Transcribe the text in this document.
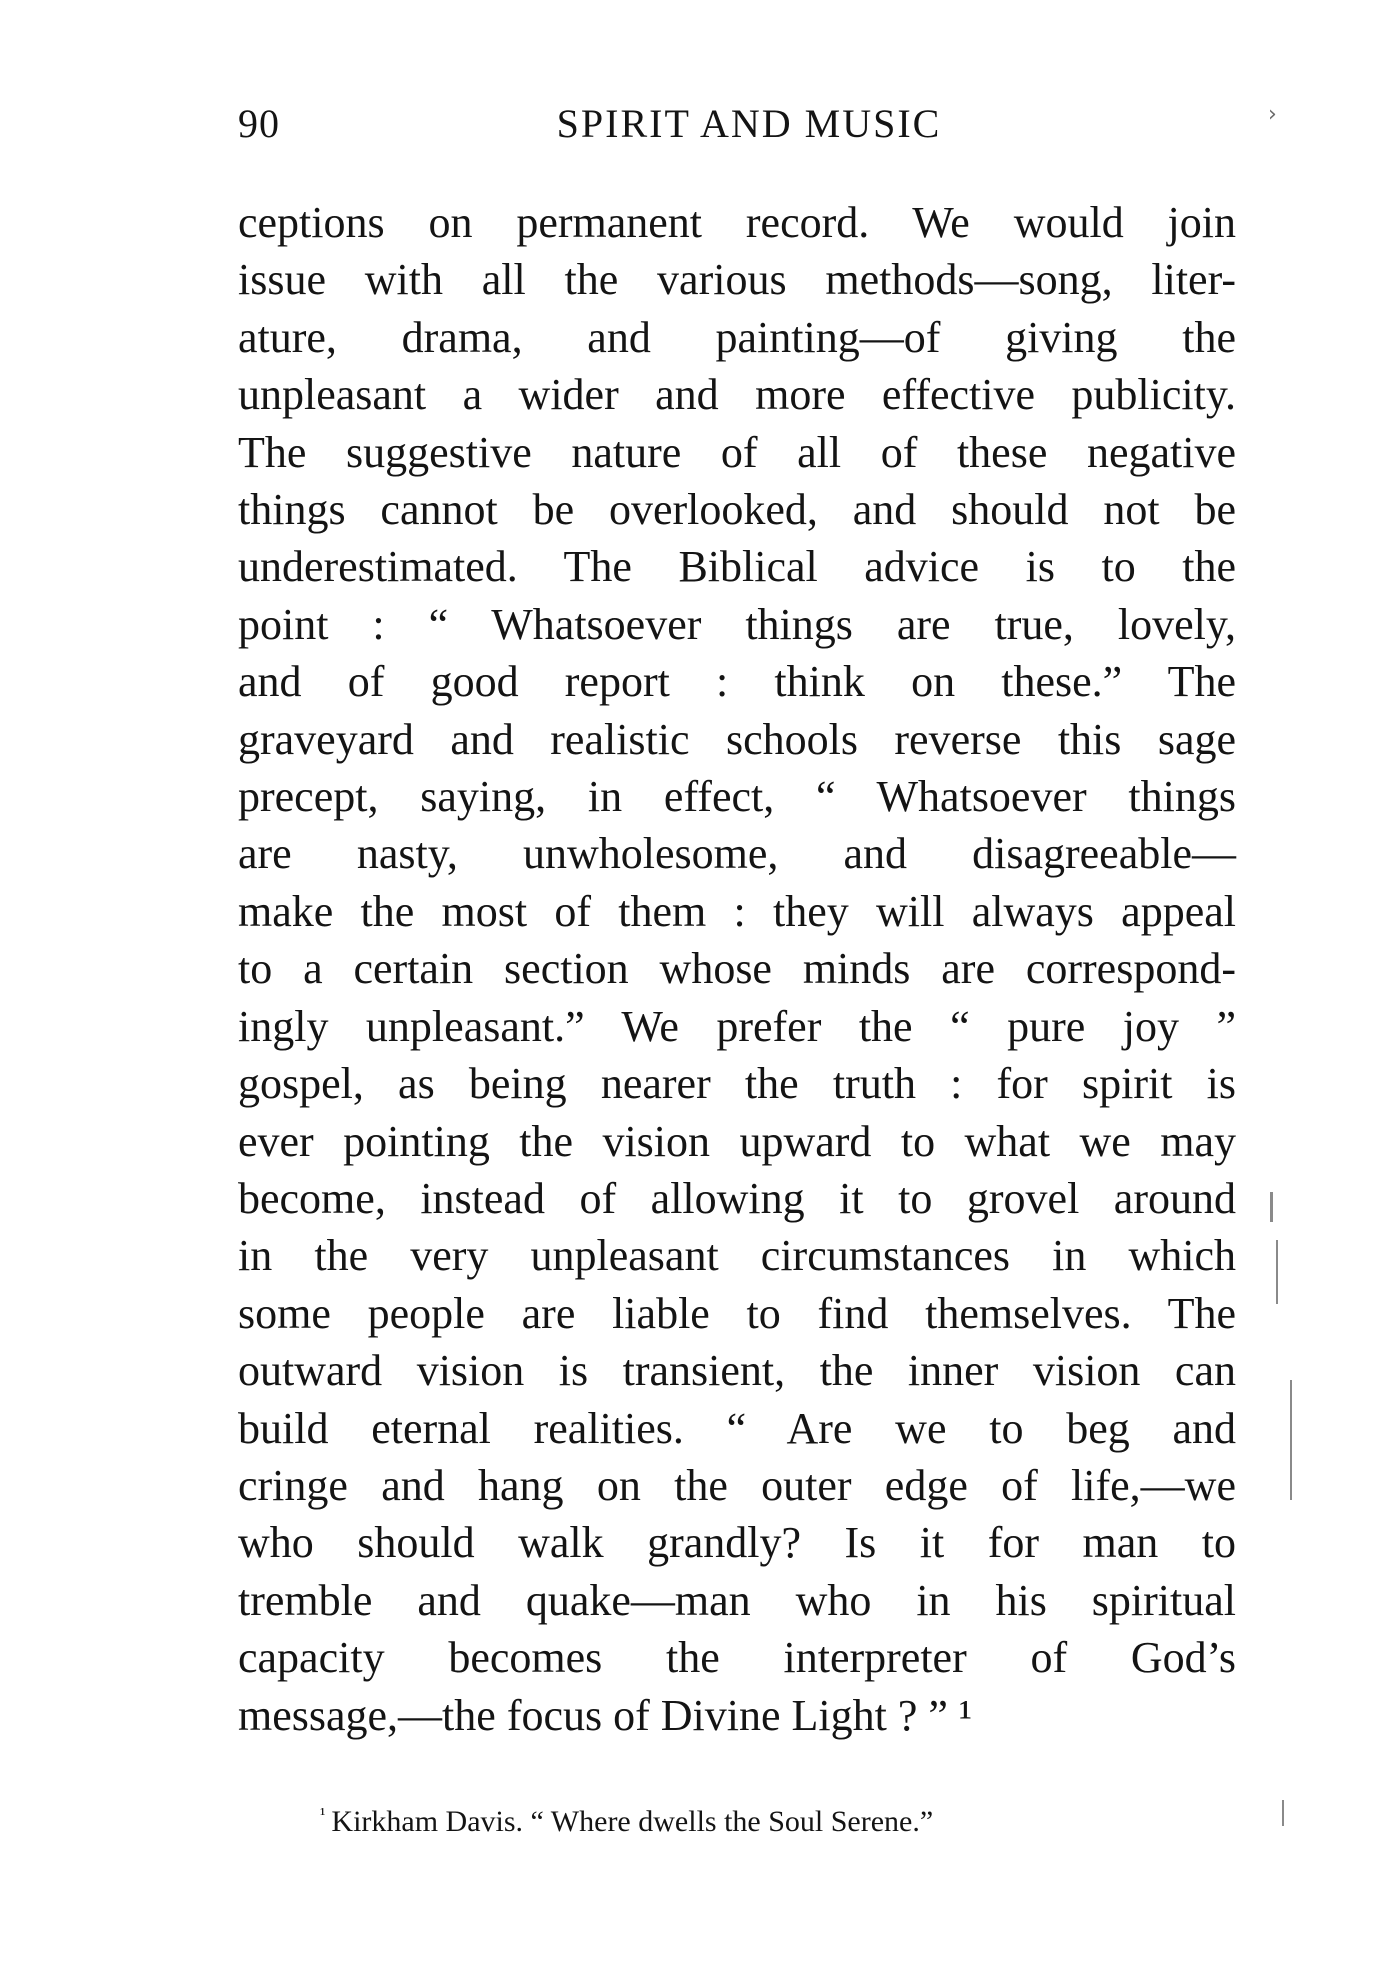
90	SPIRIT AND MUSIC
ceptions on permanent record. We would join
issue with all the various methods—song, liter-
ature, drama, and painting—of giving the
unpleasant a wider and more effective publicity.
The suggestive nature of all of these negative
things cannot be overlooked, and should not be
underestimated. The Biblical advice is to the
point : “ Whatsoever things are true, lovely,
and of good report : think on these.” The
graveyard and realistic schools reverse this sage
precept, saying, in effect, “ Whatsoever things
are nasty, unwholesome, and disagreeable—
make the most of them : they will always appeal
to a certain section whose minds are correspond-
ingly unpleasant.” We prefer the “ pure joy ”
gospel, as being nearer the truth : for spirit is
ever pointing the vision upward to what we may
become, instead of allowing it to grovel around
in the very unpleasant circumstances in which
some people are liable to find themselves. The
outward vision is transient, the inner vision can
build eternal realities. “ Are we to beg and
cringe and hang on the outer edge of life,—we
who should walk grandly? Is it for man to
tremble and quake—man who in his spiritual
capacity becomes the interpreter of God’s
message,—the focus of Divine Light ? ” ¹
$^{^1}$ Kirkham Davis. “ Where dwells the Soul Serene.”
›
